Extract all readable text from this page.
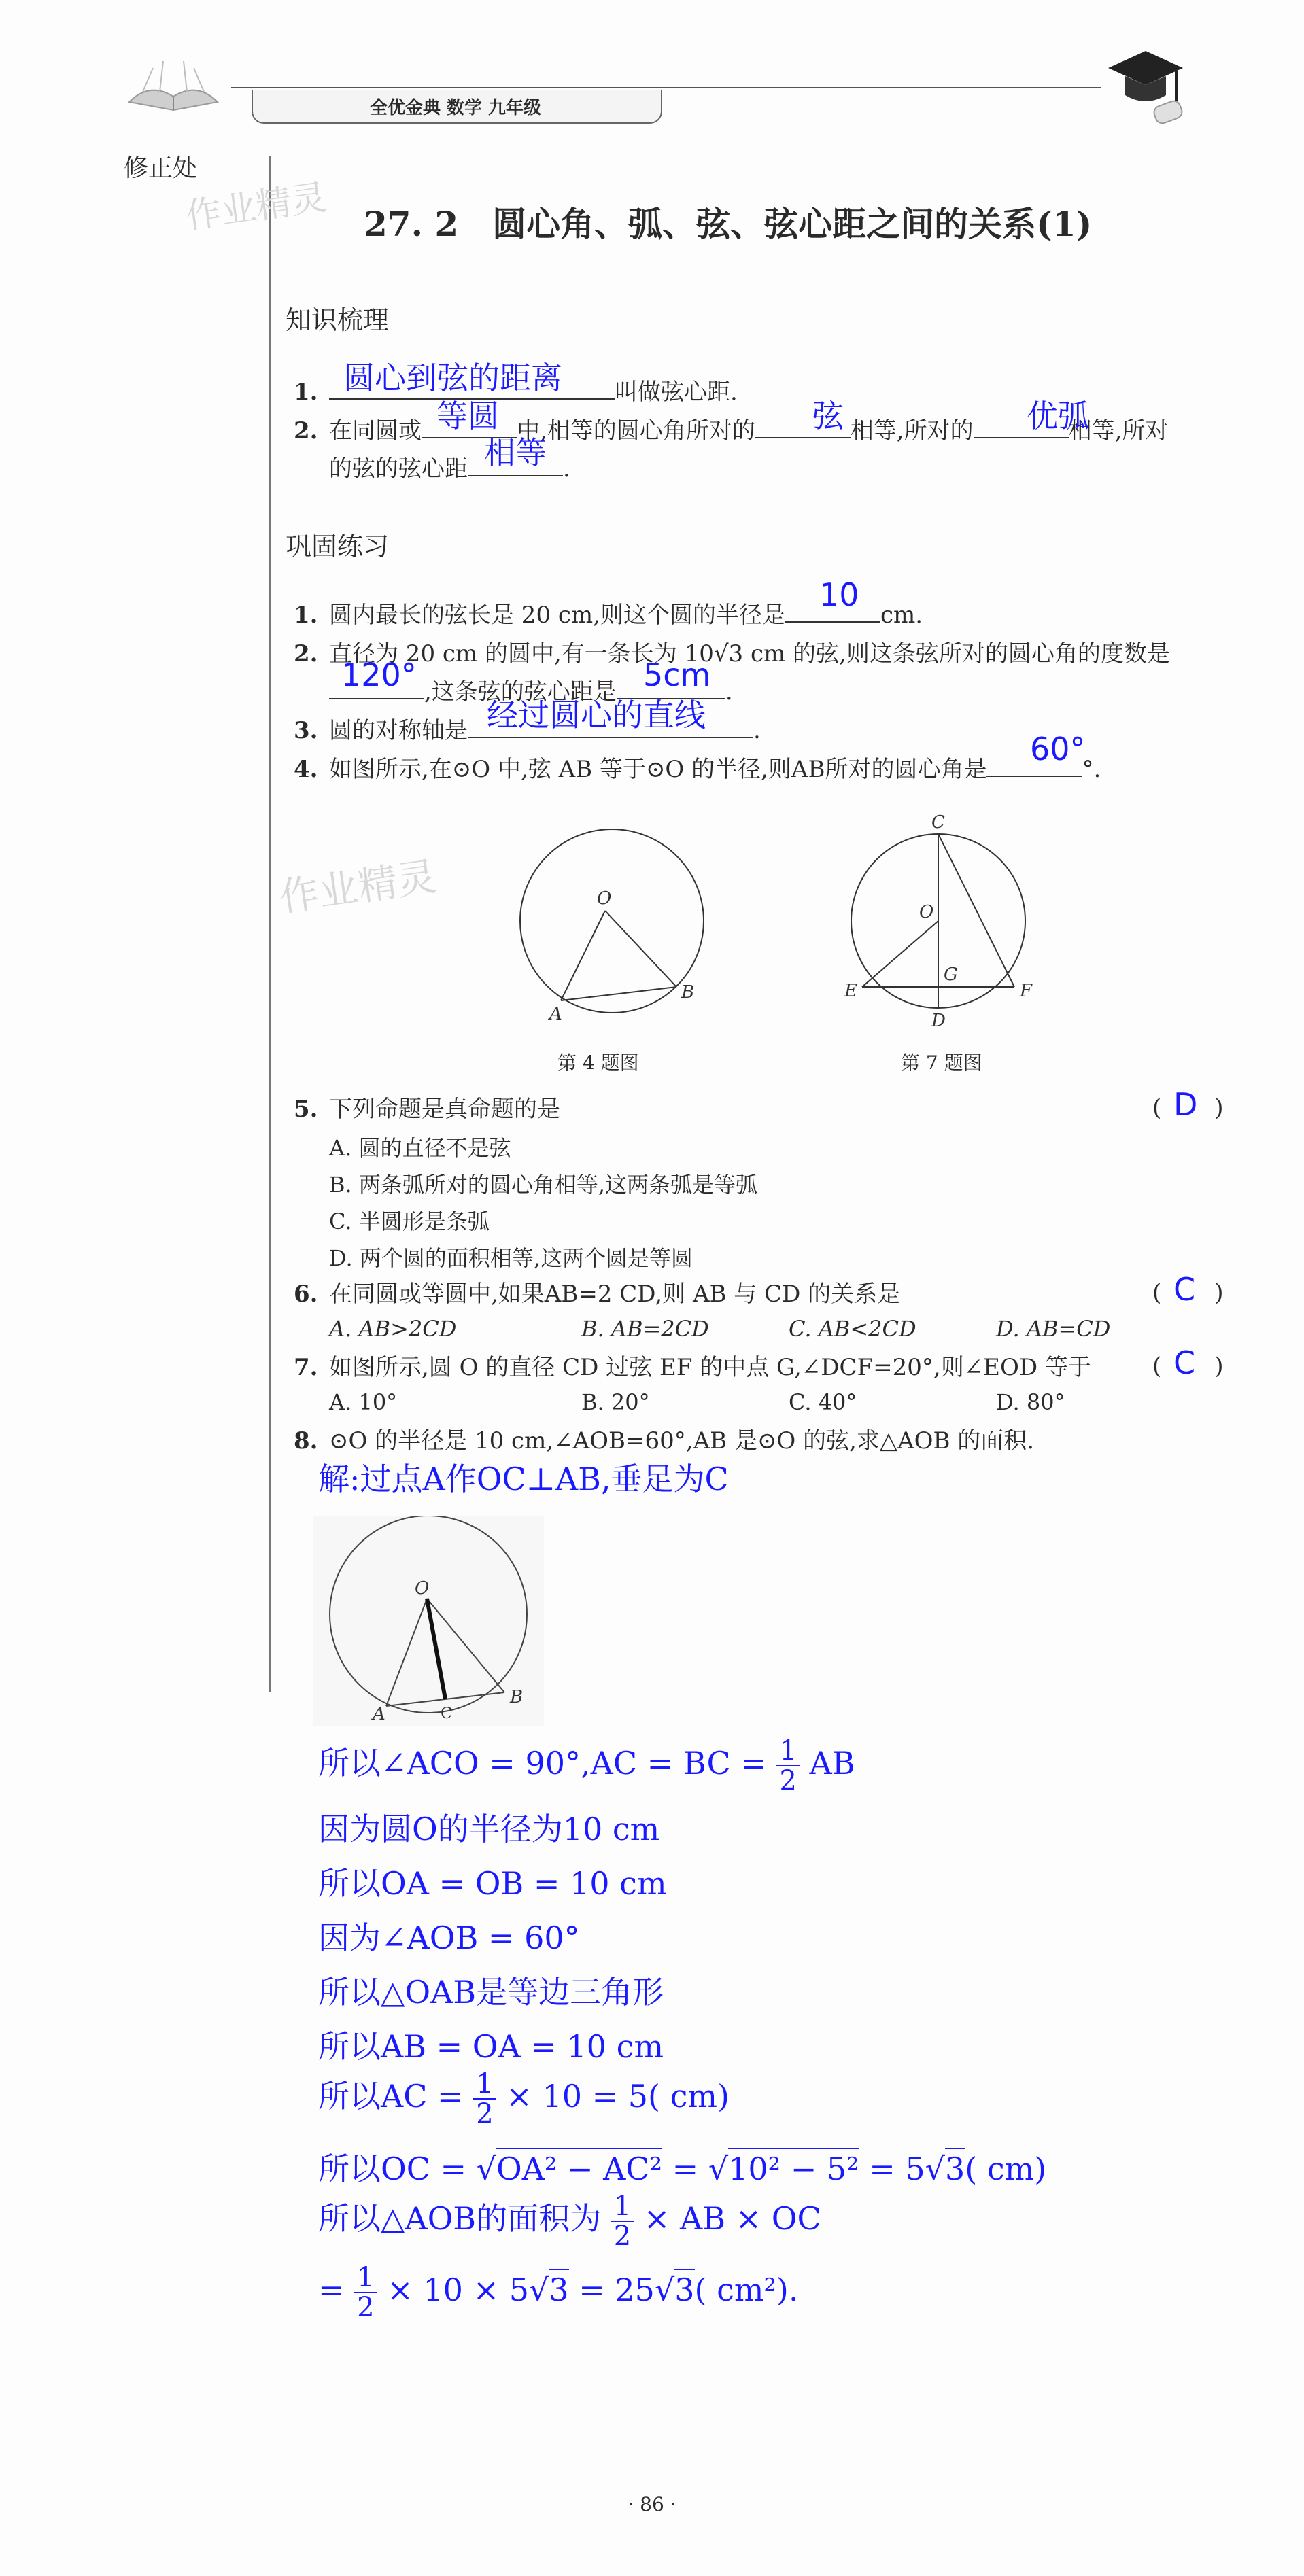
全优金典 数学 九年级
修正处
作业精灵
作业精灵
27. 2　圆心角、弧、弦、弦心距之间的关系(1)
知识梳理
1.	叫做弦心距.
圆心到弦的距离
2. 在同圆或	中,相等的圆心角所对的	相等,所对的	相等,所对
的弦的弦心距	.
等圆	弦	优弧
相等
巩固练习
1. 圆内最长的弦长是 20 cm,则这个圆的半径是	cm.
10
2. 直径为 20 cm 的圆中,有一条长为 10√3 cm 的弦,则这条弦所对的圆心角的度数是
,这条弦的弦心距是	.
120°	5cm
3. 圆的对称轴是	.
经过圆心的直线
4. 如图所示,在⊙O 中,弦 AB 等于⊙O 的半径,则AB所对的圆心角是	°.
60°
O
A
B
第 4 题图
C
O
G
E
D
F
第 7 题图
5. 下列命题是真命题的是	( )
D
A. 圆的直径不是弦
B. 两条弧所对的圆心角相等,这两条弧是等弧
C. 半圆形是条弧
D. 两个圆的面积相等,这两个圆是等圆
6. 在同圆或等圆中,如果AB=2 CD,则 AB 与 CD 的关系是	( )
C
A. AB>2CD	B. AB=2CD	C. AB<2CD	D. AB=CD
7. 如图所示,圆 O 的直径 CD 过弦 EF 的中点 G,∠DCF=20°,则∠EOD 等于	( )
C
A. 10°	B. 20°	C. 40°	D. 80°
8. ⊙O 的半径是 10 cm,∠AOB=60°,AB 是⊙O 的弦,求△AOB 的面积.
解:过点A作OC⊥AB,垂足为C
O
A
B
C
所以∠ACO = 90°,AC = BC = $\frac{1}{2}$ AB
因为圆O的半径为10 cm
所以OA = OB = 10 cm
因为∠AOB = 60°
所以△OAB是等边三角形
所以AB = OA = 10 cm
所以AC = $\frac{1}{2} \times 10 = 5$( cm)
所以OC = √OA² − AC² = √10² − 5² = 5√3( cm)
所以△AOB的面积为 $\frac{1}{2}$ × AB × OC
= $\frac{1}{2} \times 10 \times 5√3 = 25√3$( cm²).
· 86 ·
